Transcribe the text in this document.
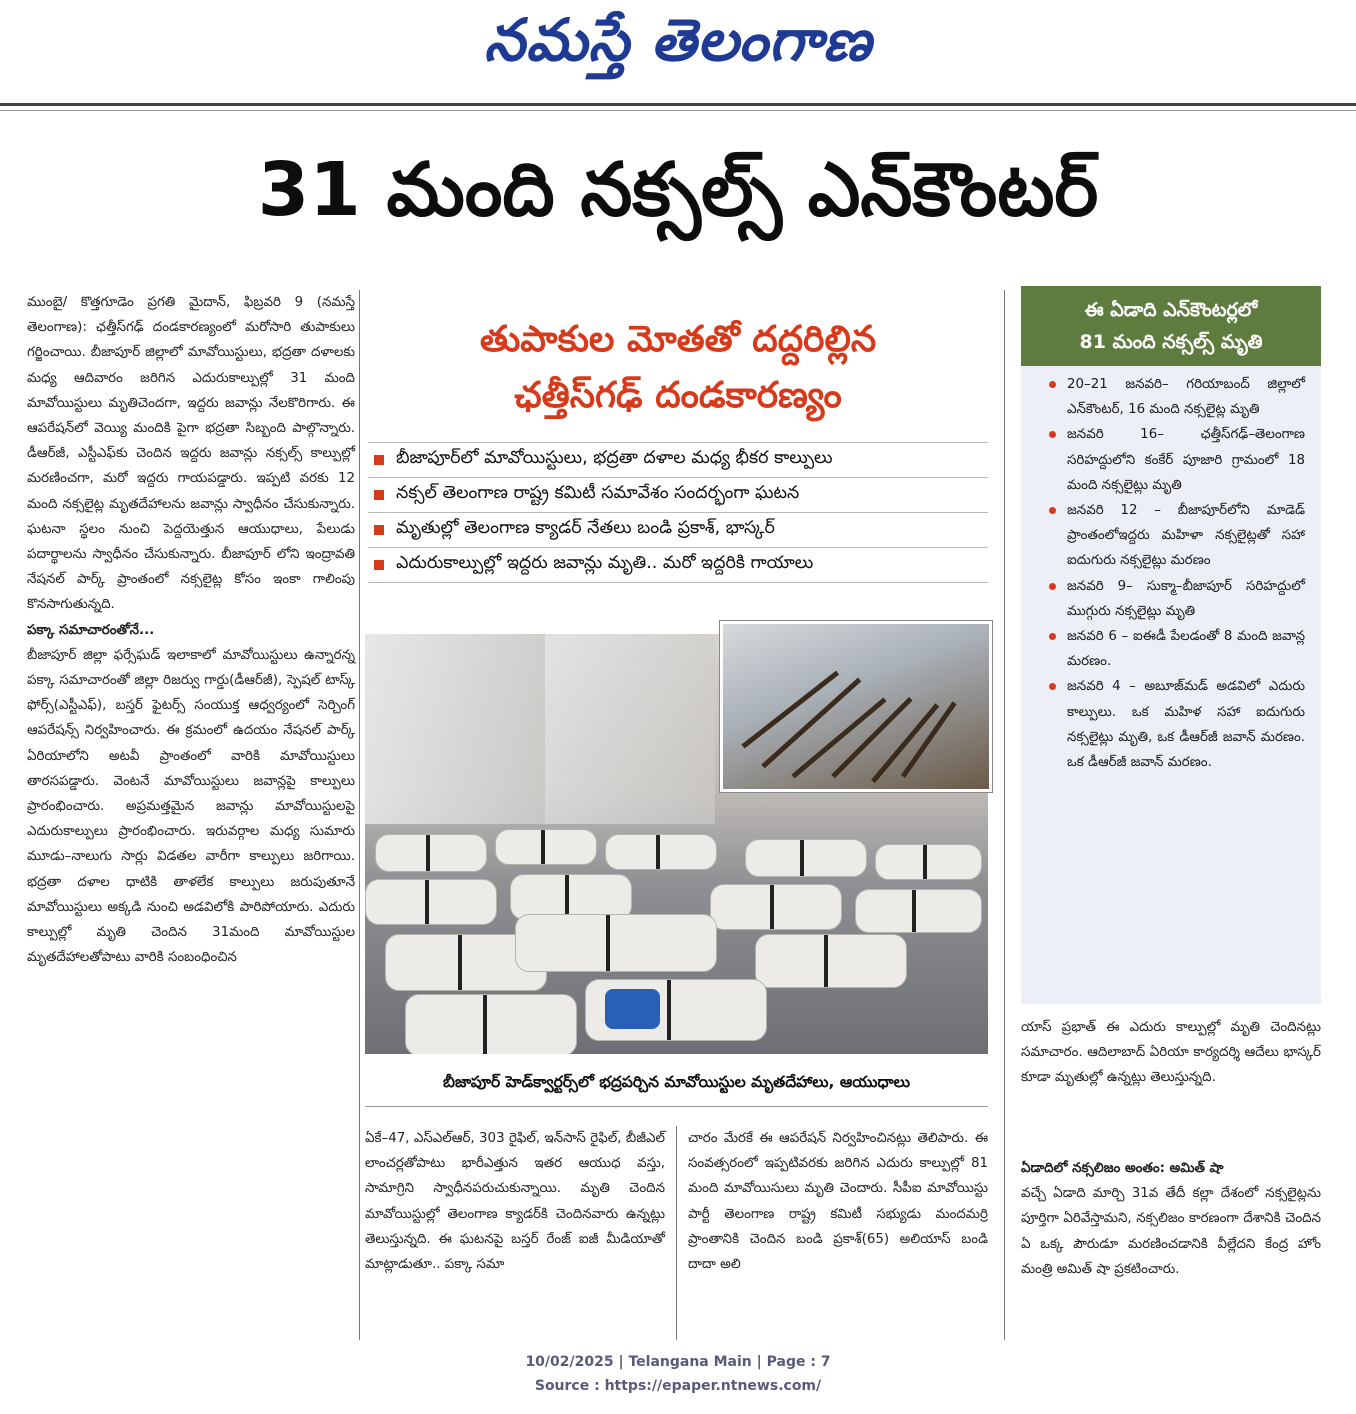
నమస్తే తెలంగాణ
31 మంది నక్సల్స్‌ ఎన్‌కౌంటర్‌

ముంబై/ కొత్తగూడెం ప్రగతి మైదాన్‌, ఫిబ్రవరి 9 (నమస్తే తెలంగాణ): ఛత్తీస్‌గఢ్‌ దండకారణ్యంలో మరోసారి తుపాకులు గర్జించాయి. బీజాపూర్‌ జిల్లాలో మావోయిస్టులు, భద్రతా దళాలకు మధ్య ఆదివారం జరిగిన ఎదురుకాల్పుల్లో 31 మంది మావోయిస్టులు మృతిచెందగా, ఇద్దరు జవాన్లు నేలకొరిగారు. ఈ ఆపరేషన్‌లో వెయ్యి మందికి పైగా భద్రతా సిబ్బంది పాల్గొన్నారు. డీఆర్‌జీ, ఎస్టీఎఫ్‌కు చెందిన ఇద్దరు జవాన్లు నక్సల్స్‌ కాల్పుల్లో మరణించగా, మరో ఇద్దరు గాయపడ్డారు. ఇప్పటి వరకు 12 మంది నక్సలైట్ల మృతదేహాలను జవాన్లు స్వాధీనం చేసుకున్నారు. ఘటనా స్థలం నుంచి పెద్దయెత్తున ఆయుధాలు, పేలుడు పదార్థాలను స్వాధీనం చేసుకున్నారు. బీజాపూర్‌ లోని ఇంద్రావతి నేషనల్‌ పార్క్‌ ప్రాంతంలో నక్సలైట్ల కోసం ఇంకా గాలింపు కొనసాగుతున్నది.

పక్కా సమాచారంతోనే...

బీజాపూర్‌ జిల్లా ఫర్సేఘడ్‌ ఇలాకాలో మావోయిస్టులు ఉన్నారన్న పక్కా సమాచారంతో జిల్లా రిజర్వు గార్డు(డీఆర్‌జీ), స్పెషల్‌ టాస్క్‌ ఫోర్స్‌(ఎస్టీఎఫ్‌), బస్తర్‌ ఫైటర్స్‌ సంయుక్త ఆధ్వర్యంలో సెర్చింగ్‌ ఆపరేషన్స్‌ నిర్వహించారు. ఈ క్రమంలో ఉదయం నేషనల్‌ పార్క్‌ ఏరియాలోని అటవీ ప్రాంతంలో వారికి మావోయిస్టులు తారసపడ్డారు. వెంటనే మావోయిస్టులు జవాన్లపై కాల్పులు ప్రారంభించారు. అప్రమత్తమైన జవాన్లు మావోయిస్టులపై ఎదురుకాల్పులు ప్రారంభించారు. ఇరువర్గాల మధ్య సుమారు మూడు–నాలుగు సార్లు విడతల వారీగా కాల్పులు జరిగాయి. భద్రతా దళాల ధాటికి తాళలేక కాల్పులు జరుపుతూనే మావోయిస్టులు అక్కడి నుంచి అడవిలోకి పారిపోయారు. ఎదురు కాల్పుల్లో మృతి చెందిన 31మంది మావోయిస్టుల మృతదేహాలతోపాటు వారికి సంబంధించిన

తుపాకుల మోతతో దద్దరిల్లిన
ఛత్తీస్‌గఢ్‌ దండకారణ్యం
బీజాపూర్‌లో మావోయిస్టులు, భద్రతా దళాల మధ్య భీకర కాల్పులు
నక్సల్‌ తెలంగాణ రాష్ట్ర కమిటీ సమావేశం సందర్భంగా ఘటన
మృతుల్లో తెలంగాణ క్యాడర్‌ నేతలు బండి ప్రకాశ్‌, భాస్కర్‌
ఎదురుకాల్పుల్లో ఇద్దరు జవాన్లు మృతి.. మరో ఇద్దరికి గాయాలు
బీజాపూర్‌ హెడ్‌క్వార్టర్స్‌లో భద్రపర్చిన మావోయిస్టుల మృతదేహాలు, ఆయుధాలు

ఏకే–47, ఎస్‌ఎల్‌ఆర్‌, 303 రైఫిల్‌, ఇన్‌సాస్‌ రైఫిల్‌, బీజీఎల్‌ లాంచర్లతోపాటు భారీఎత్తున ఇతర ఆయుధ వస్తు, సామాగ్రిని స్వాధీనపరుచుకున్నాయి. మృతి చెందిన మావోయిస్టుల్లో తెలంగాణ క్యాడర్‌కి చెందినవారు ఉన్నట్లు తెలుస్తున్నది. ఈ ఘటనపై బస్తర్‌ రేంజ్‌ ఐజీ మీడియాతో మాట్లాడుతూ.. పక్కా సమా

చారం మేరకే ఈ ఆపరేషన్‌ నిర్వహించినట్లు తెలిపారు. ఈ సంవత్సరంలో ఇప్పటివరకు జరిగిన ఎదురు కాల్పుల్లో 81 మంది మావోయిసులు మృతి చెందారు. సీపీఐ మావోయిస్టు పార్టీ తెలంగాణ రాష్ట్ర కమిటీ సభ్యుడు మందమర్రి ప్రాంతానికి చెందిన బండి ప్రకాశ్‌(65) అలియాస్‌ బండి దాదా అలి

ఈ ఏడాది ఎన్‌కౌంటర్లలో
81 మంది నక్సల్స్‌ మృతి
20–21 జనవరి– గరియాబంద్‌ జిల్లాలో ఎన్‌కౌంటర్‌, 16 మంది నక్సలైట్ల మృతి
జనవరి 16– ఛత్తీస్‌గఢ్‌–తెలంగాణ సరిహద్దులోని కంకేర్‌ పూజారి గ్రామంలో 18 మంది నక్సలైట్లు మృతి
జనవరి 12 – బీజాపూర్‌లోని మాడెడ్‌ ప్రాంతంలోఇద్దరు మహిళా నక్సలైట్లతో సహా ఐదుగురు నక్సలైట్లు మరణం
జనవరి 9– సుక్మా–బీజాపూర్‌ సరిహద్దులో ముగ్గురు నక్సలైట్లు మృతి
జనవరి 6 – ఐఈడీ పేలడంతో 8 మంది జవాన్ల మరణం.
జనవరి 4 – అబూజ్‌మడ్‌ అడవిలో ఎదురు కాల్పులు. ఒక మహిళ సహా ఐదుగురు నక్సలైట్లు మృతి, ఒక డీఆర్‌జీ జవాన్‌ మరణం. ఒక డీఆర్‌జీ జవాన్‌ మరణం.

యాస్‌ ప్రభాత్‌ ఈ ఎదురు కాల్పుల్లో మృతి చెందినట్లు సమాచారం. ఆదిలాబాద్‌ ఏరియా కార్యదర్శి ఆదేలు భాస్కర్‌ కూడా మృతుల్లో ఉన్నట్లు తెలుస్తున్నది.

ఏడాదిలో నక్సలిజం అంతం: అమిత్‌ షా

వచ్చే ఏడాది మార్చి 31వ తేదీ కల్లా దేశంలో నక్సలైట్లను పూర్తిగా ఏరివేస్తామని, నక్సలిజం కారణంగా దేశానికి చెందిన ఏ ఒక్క పౌరుడూ మరణించడానికి వీల్లేదని కేంద్ర హోం మంత్రి అమిత్‌ షా ప్రకటించారు.

10/02/2025 | Telangana Main | Page : 7
Source : https://epaper.ntnews.com/
